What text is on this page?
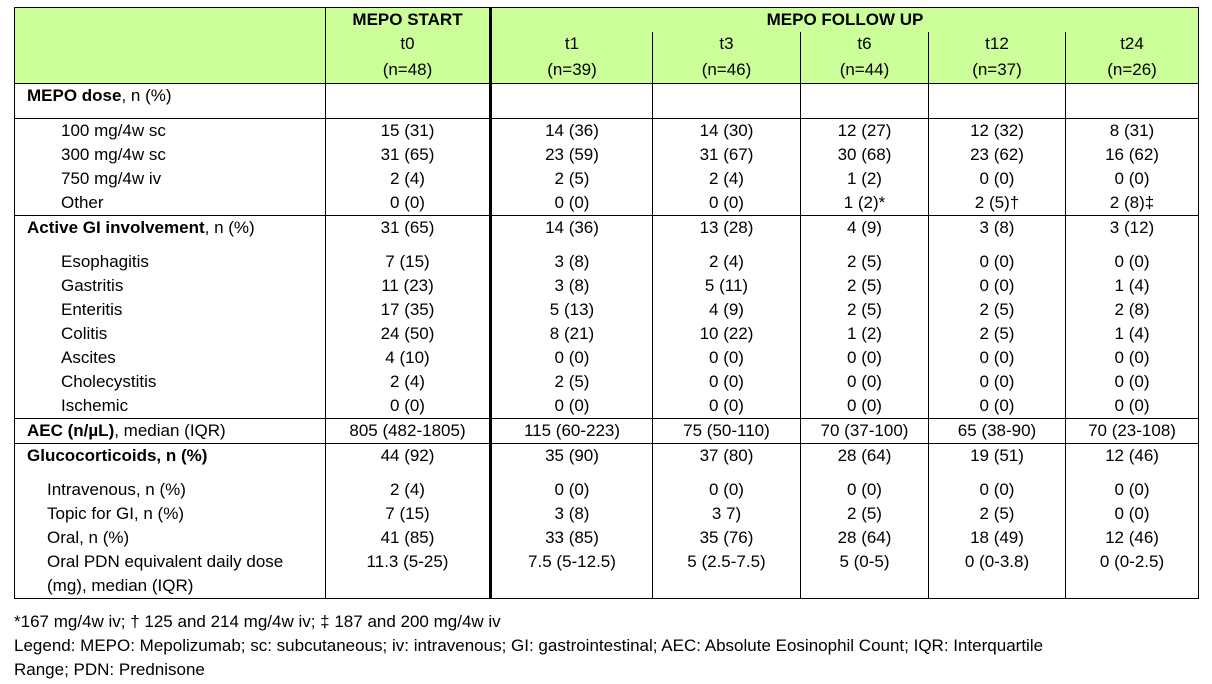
	MEPO START	MEPO FOLLOW UP				
	t0	t1	t3	t6	t12	t24
	(n=48)	(n=39)	(n=46)	(n=44)	(n=37)	(n=26)
MEPO dose, n (%)						

100 mg/4w sc	15 (31)	14 (36)	14 (30)	12 (27)	12 (32)	8 (31)
300 mg/4w sc	31 (65)	23 (59)	31 (67)	30 (68)	23 (62)	16 (62)
750 mg/4w iv	2 (4)	2 (5)	2 (4)	1 (2)	0 (0)	0 (0)
Other	0 (0)	0 (0)	0 (0)	1 (2)*	2 (5)†	2 (8)‡
Active GI involvement, n (%)	31 (65)	14 (36)	13 (28)	4 (9)	3 (8)	3 (12)

Esophagitis	7 (15)	3 (8)	2 (4)	2 (5)	0 (0)	0 (0)
Gastritis	11 (23)	3 (8)	5 (11)	2 (5)	0 (0)	1 (4)
Enteritis	17 (35)	5 (13)	4 (9)	2 (5)	2 (5)	2 (8)
Colitis	24 (50)	8 (21)	10 (22)	1 (2)	2 (5)	1 (4)
Ascites	4 (10)	0 (0)	0 (0)	0 (0)	0 (0)	0 (0)
Cholecystitis	2 (4)	2 (5)	0 (0)	0 (0)	0 (0)	0 (0)
Ischemic	0 (0)	0 (0)	0 (0)	0 (0)	0 (0)	0 (0)
AEC (n/µL), median (IQR)	805 (482-1805)	115 (60-223)	75 (50-110)	70 (37-100)	65 (38-90)	70 (23-108)
Glucocorticoids, n (%)	44 (92)	35 (90)	37 (80)	28 (64)	19 (51)	12 (46)

Intravenous, n (%)	2 (4)	0 (0)	0 (0)	0 (0)	0 (0)	0 (0)
Topic for GI, n (%)	7 (15)	3 (8)	3 7)	2 (5)	2 (5)	0 (0)
Oral, n (%)	41 (85)	33 (85)	35 (76)	28 (64)	18 (49)	12 (46)

Oral PDN equivalent daily dose
(mg), median (IQR)	11.3 (5-25)	7.5 (5-12.5)	5 (2.5-7.5)	5 (0-5)	0 (0-3.8)	0 (0-2.5)
*167 mg/4w iv; † 125 and 214 mg/4w iv; ‡ 187 and 200 mg/4w iv
Legend: MEPO: Mepolizumab; sc: subcutaneous; iv: intravenous; GI: gastrointestinal; AEC: Absolute Eosinophil Count; IQR: Interquartile
Range; PDN: Prednisone
